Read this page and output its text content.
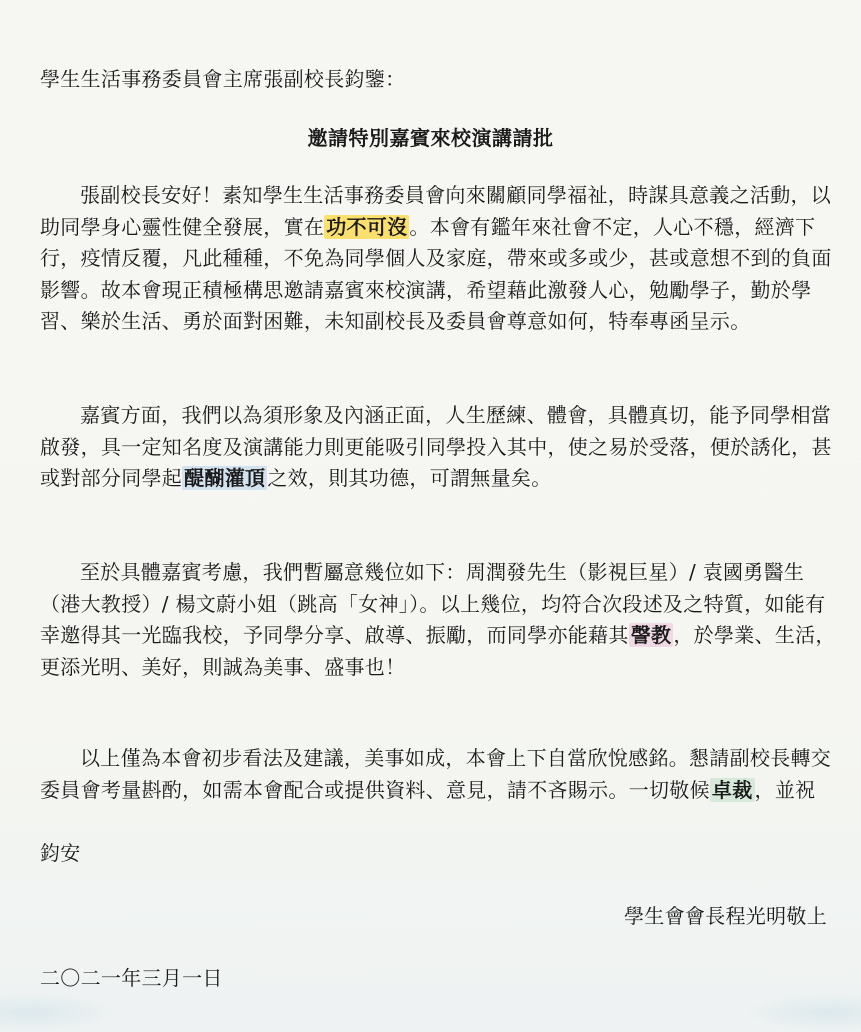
學生生活事務委員會主席張副校長鈞鑒：

邀請特別嘉賓來校演講請批

張副校長安好！素知學生生活事務委員會向來關顧同學福祉，時謀具意義之活動，以助同學身心靈性健全發展，實在 功不可沒 。本會有鑑年來社會不定，人心不穩，經濟下行，疫情反覆，凡此種種，不免為同學個人及家庭，帶來或多或少，甚或意想不到的負面影響。故本會現正積極構思邀請嘉賓來校演講，希望藉此激發人心，勉勵學子，勤於學習、樂於生活、勇於面對困難，未知副校長及委員會尊意如何，特奉專函呈示。

嘉賓方面，我們以為須形象及內涵正面，人生歷練、體會，具體真切，能予同學相當啟發，具一定知名度及演講能力則更能吸引同學投入其中，使之易於受落，便於誘化，甚或對部分同學起 醍醐灌頂 之效，則其功德，可謂無量矣。

至於具體嘉賓考慮，我們暫屬意幾位如下：周潤發先生（影視巨星）/ 袁國勇醫生（港大教授）/ 楊文蔚小姐（跳高「女神」）。以上幾位，均符合次段述及之特質，如能有幸邀得其一光臨我校，予同學分享、啟導、振勵，而同學亦能藉其 謦教 ，於學業、生活，更添光明、美好，則誠為美事、盛事也！

以上僅為本會初步看法及建議，美事如成，本會上下自當欣悅感銘。懇請副校長轉交委員會考量斟酌，如需本會配合或提供資料、意見，請不吝賜示。一切敬候 卓裁 ，並祝

鈞安

學生會會長程光明敬上

二〇二一年三月一日
